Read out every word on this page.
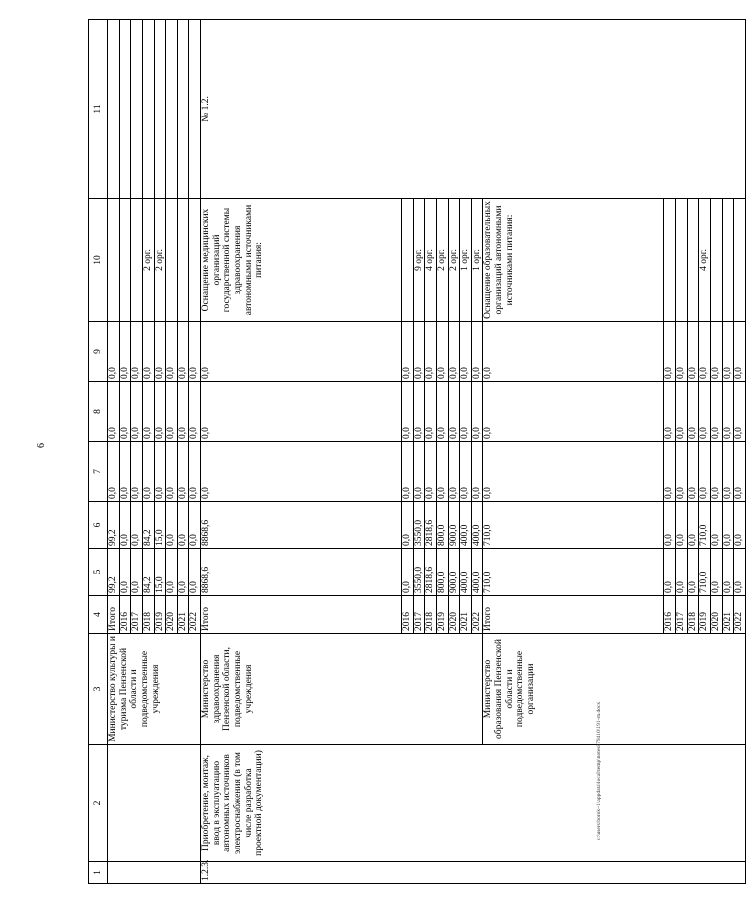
6
1	2	3	4	5	6	7	8	9	10	11
		Министерство культуры и туризма Пензенской области и подведомственные учреждения	Итого	99,2	99,2	0,0	0,0	0,0		
			2016	0,0	0,0	0,0	0,0	0,0		
			2017	0,0	0,0	0,0	0,0	0,0		
			2018	84,2	84,2	0,0	0,0	0,0	2 орг.	
			2019	15,0	15,0	0,0	0,0	0,0	2 орг.	
			2020	0,0	0,0	0,0	0,0	0,0		
			2021	0,0	0,0	0,0	0,0	0,0		
			2022	0,0	0,0	0,0	0,0	0,0		
1.2.3.	Приобретение, монтаж, ввод в эксплуатацию автономных источников электроснабжения (в том числе разработка проектной документации)	Министерство здравоохранения Пензенской области, подведомственные учреждения	Итого	8868,6	8868,6	0,0	0,0	0,0	Оснащение медицинских организаций государственной системы здравоохранения автономными источниками питания:	№ 1.2.
			2016	0,0	0,0	0,0	0,0	0,0		
			2017	3550,0	3550,0	0,0	0,0	0,0	9 орг.	
			2018	2818,6	2818,6	0,0	0,0	0,0	4 орг.	
			2019	800,0	800,0	0,0	0,0	0,0	2 орг.	
			2020	900,0	900,0	0,0	0,0	0,0	2 орг.	
			2021	400,0	400,0	0,0	0,0	0,0	1 орг.	
			2022	400,0	400,0	0,0	0,0	0,0	1 орг.	
		Министерство образования Пензенской области и подведомственные организации	Итого	710,0	710,0	0,0	0,0	0,0	Оснащение образовательных организаций автономными источниками питания:	
			2016	0,0	0,0	0,0	0,0	0,0		
			2017	0,0	0,0	0,0	0,0	0,0		
			2018	0,0	0,0	0,0	0,0	0,0		
			2019	710,0	710,0	0,0	0,0	0,0	4 орг.	
			2020	0,0	0,0	0,0	0,0	0,0		
			2021	0,0	0,0	0,0	0,0	0,0		
			2022	0,0	0,0	0,0	0,0	0,0		
c:\users\borok~1\appdata\local\temp\notes879410\191-rn.docx
